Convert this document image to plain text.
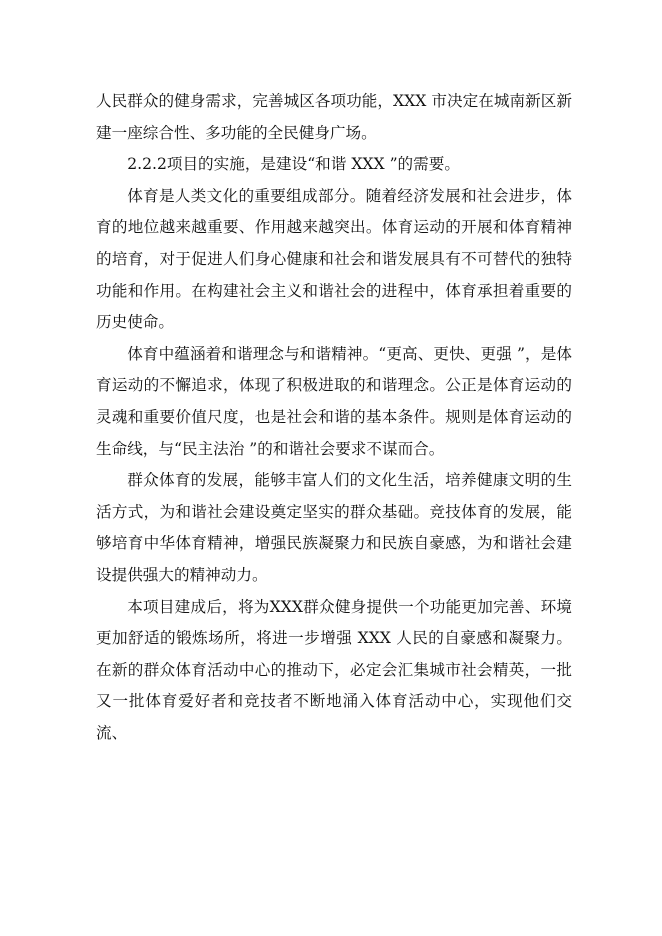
人民群众的健身需求，完善城区各项功能，XXX 市决定在城南新区新建一座综合性、多功能的全民健身广场。

2.2.2项目的实施，是建设“和谐 XXX ”的需要。

体育是人类文化的重要组成部分。随着经济发展和社会进步，体育的地位越来越重要、作用越来越突出。体育运动的开展和体育精神的培育，对于促进人们身心健康和社会和谐发展具有不可替代的独特功能和作用。在构建社会主义和谐社会的进程中，体育承担着重要的历史使命。

体育中蕴涵着和谐理念与和谐精神。“更高、更快、更强 ”，是体育运动的不懈追求，体现了积极进取的和谐理念。公正是体育运动的灵魂和重要价值尺度，也是社会和谐的基本条件。规则是体育运动的生命线，与“民主法治 ”的和谐社会要求不谋而合。

群众体育的发展，能够丰富人们的文化生活，培养健康文明的生活方式，为和谐社会建设奠定坚实的群众基础。竞技体育的发展，能够培育中华体育精神，增强民族凝聚力和民族自豪感，为和谐社会建设提供强大的精神动力。

本项目建成后，将为XXX群众健身提供一个功能更加完善、环境更加舒适的锻炼场所，将进一步增强 XXX 人民的自豪感和凝聚力。在新的群众体育活动中心的推动下，必定会汇集城市社会精英，一批又一批体育爱好者和竞技者不断地涌入体育活动中心，实现他们交流、
